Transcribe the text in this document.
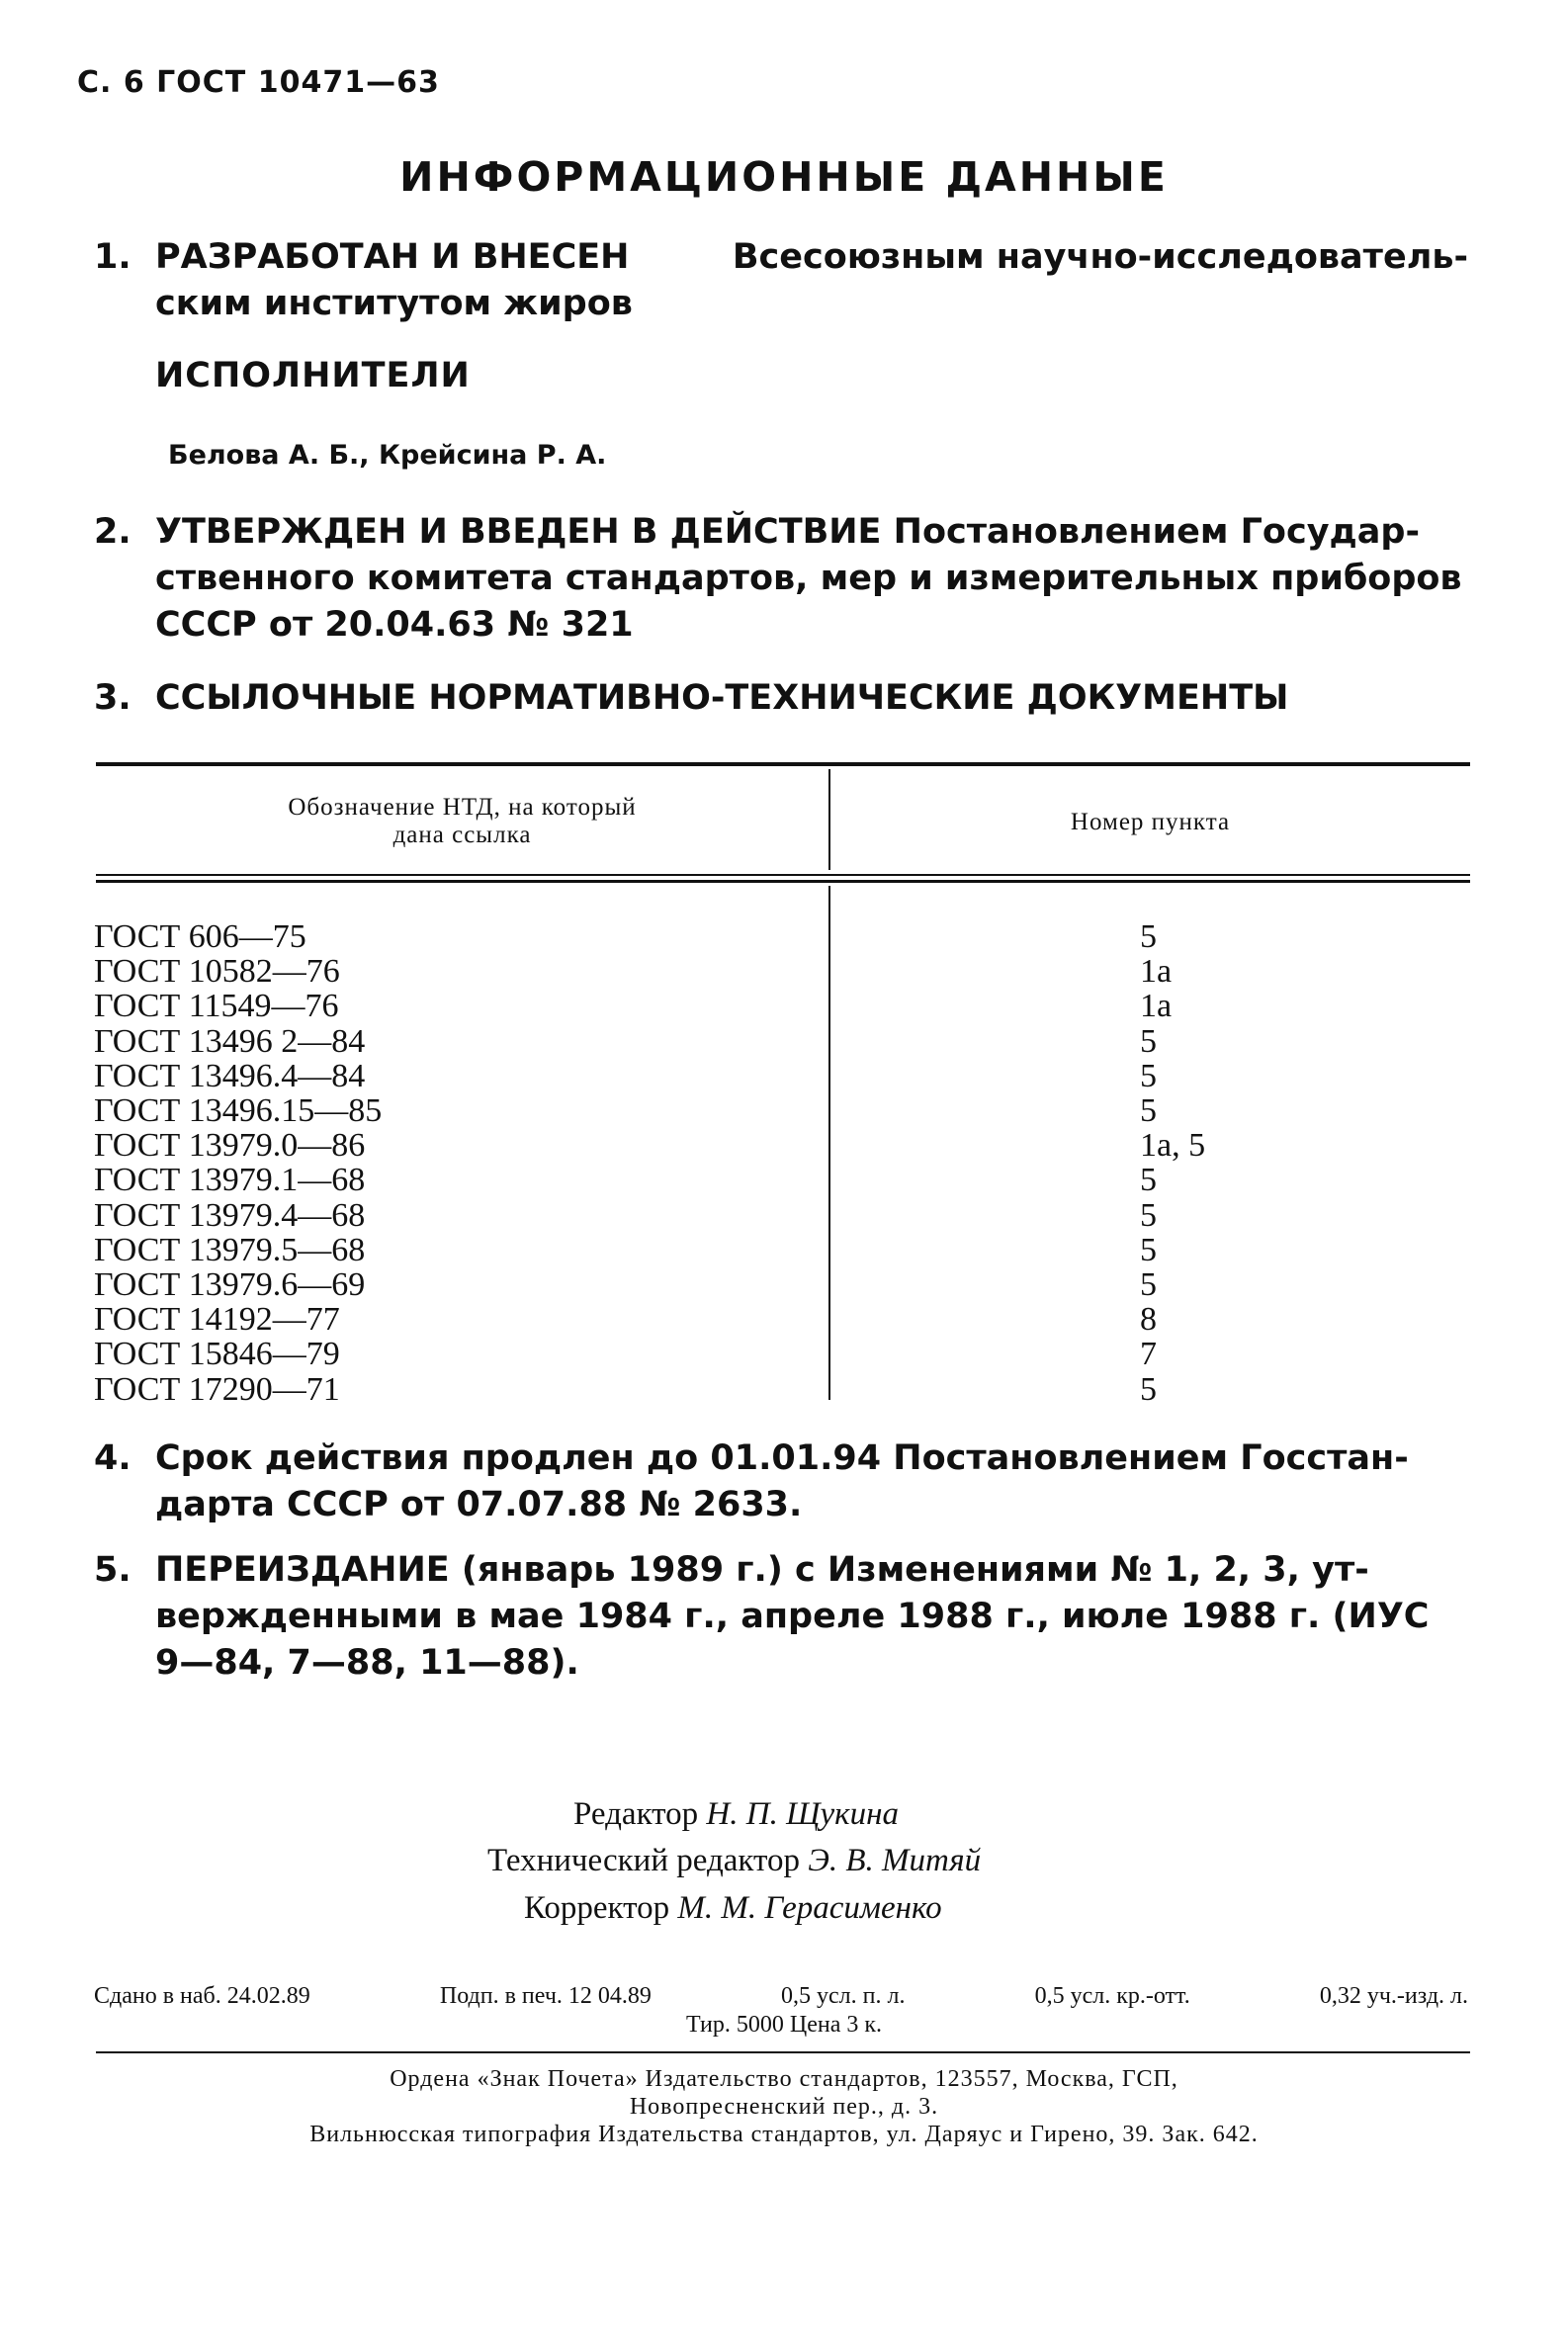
С. 6 ГОСТ 10471—63
ИНФОРМАЦИОННЫЕ ДАННЫЕ
1. РАЗРАБОТАН И ВНЕСЕН	Всесоюзным научно-исследователь-
ским институтом жиров
ИСПОЛНИТЕЛИ
Белова А. Б., Крейсина Р. А.
2. УТВЕРЖДЕН И ВВЕДЕН В ДЕЙСТВИЕ Постановлением Государ-
ственного комитета стандартов, мер и измерительных приборов
СССР от 20.04.63 № 321
3. ССЫЛОЧНЫЕ НОРМАТИВНО-ТЕХНИЧЕСКИЕ ДОКУМЕНТЫ
Обозначение НТД, на который
дана ссылка	Номер пункта
ГОСТ 606—75	5
ГОСТ 10582—76	1а
ГОСТ 11549—76	1а
ГОСТ 13496 2—84	5
ГОСТ 13496.4—84	5
ГОСТ 13496.15—85	5
ГОСТ 13979.0—86	1а, 5
ГОСТ 13979.1—68	5
ГОСТ 13979.4—68	5
ГОСТ 13979.5—68	5
ГОСТ 13979.6—69	5
ГОСТ 14192—77	8
ГОСТ 15846—79	7
ГОСТ 17290—71	5
4. Срок действия продлен до 01.01.94 Постановлением Госстан-
дарта СССР от 07.07.88 № 2633.
5. ПЕРЕИЗДАНИЕ (январь 1989 г.) с Изменениями № 1, 2, 3, ут-
вержденными в мае 1984 г., апреле 1988 г., июле 1988 г. (ИУС
9—84, 7—88, 11—88).
Редактор Н. П. Щукина
Технический редактор Э. В. Митяй
Корректор М. М. Герасименко
Сдано в наб. 24.02.89	Подп. в печ. 12 04.89	0,5 усл. п. л.	0,5 усл. кр.-отт.	0,32 уч.-изд. л.
Тир. 5000 Цена 3 к.
Ордена «Знак Почета» Издательство стандартов, 123557, Москва, ГСП,
Новопресненский пер., д. 3.
Вильнюсская типография Издательства стандартов, ул. Даряус и Гирено, 39. Зак. 642.
